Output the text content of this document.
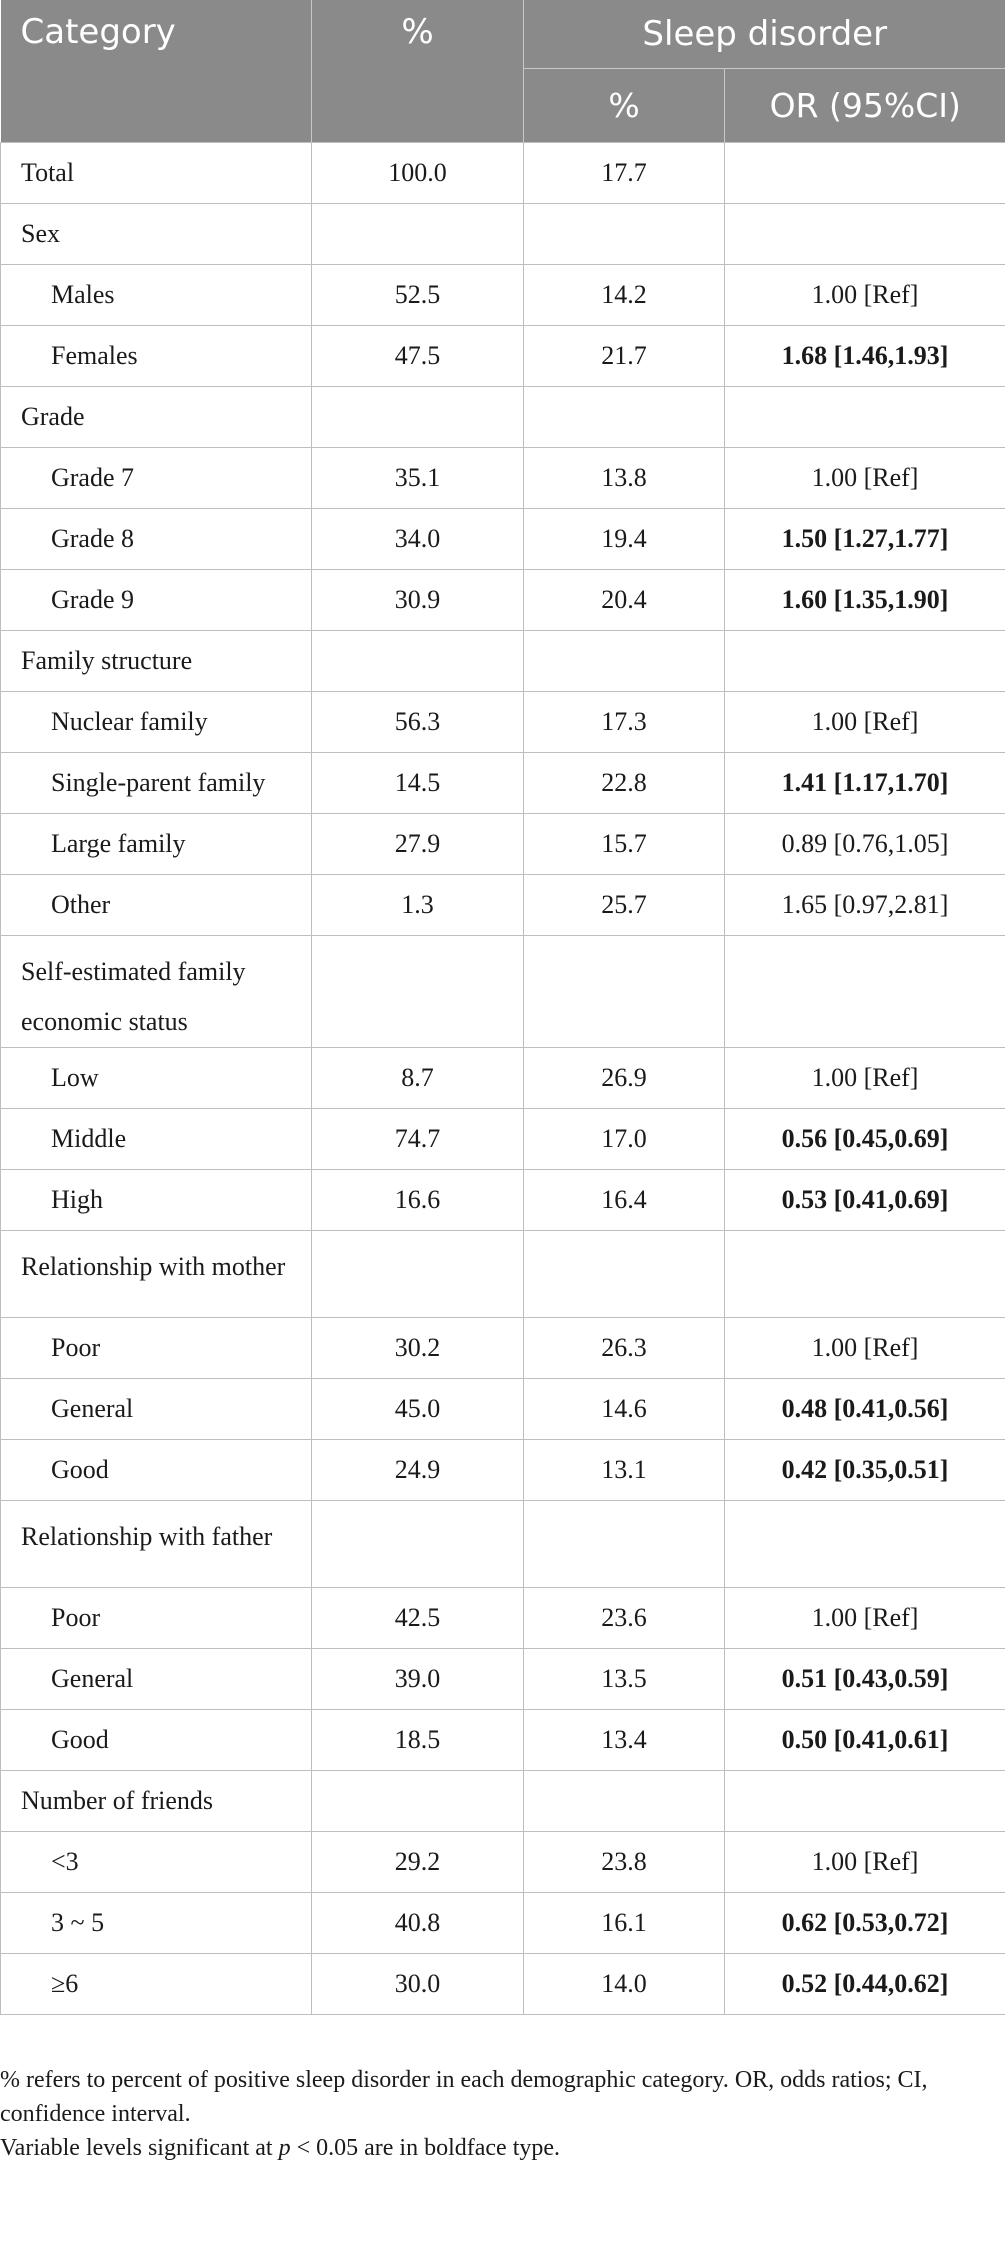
Category	%	Sleep disorder	
		%	OR (95%CI)
Total	100.0	17.7	
Sex			
Males	52.5	14.2	1.00 [Ref]
Females	47.5	21.7	1.68 [1.46,1.93]
Grade			
Grade 7	35.1	13.8	1.00 [Ref]
Grade 8	34.0	19.4	1.50 [1.27,1.77]
Grade 9	30.9	20.4	1.60 [1.35,1.90]
Family structure			
Nuclear family	56.3	17.3	1.00 [Ref]
Single-parent family	14.5	22.8	1.41 [1.17,1.70]
Large family	27.9	15.7	0.89 [0.76,1.05]
Other	1.3	25.7	1.65 [0.97,2.81]
Self-estimated family economic status			
Low	8.7	26.9	1.00 [Ref]
Middle	74.7	17.0	0.56 [0.45,0.69]
High	16.6	16.4	0.53 [0.41,0.69]
Relationship with mother			
Poor	30.2	26.3	1.00 [Ref]
General	45.0	14.6	0.48 [0.41,0.56]
Good	24.9	13.1	0.42 [0.35,0.51]
Relationship with father			
Poor	42.5	23.6	1.00 [Ref]
General	39.0	13.5	0.51 [0.43,0.59]
Good	18.5	13.4	0.50 [0.41,0.61]
Number of friends			
<3	29.2	23.8	1.00 [Ref]
3 ~ 5	40.8	16.1	0.62 [0.53,0.72]
≥6	30.0	14.0	0.52 [0.44,0.62]

% refers to percent of positive sleep disorder in each demographic category. OR, odds ratios; CI, confidence interval.

Variable levels significant at p < 0.05 are in boldface type.
